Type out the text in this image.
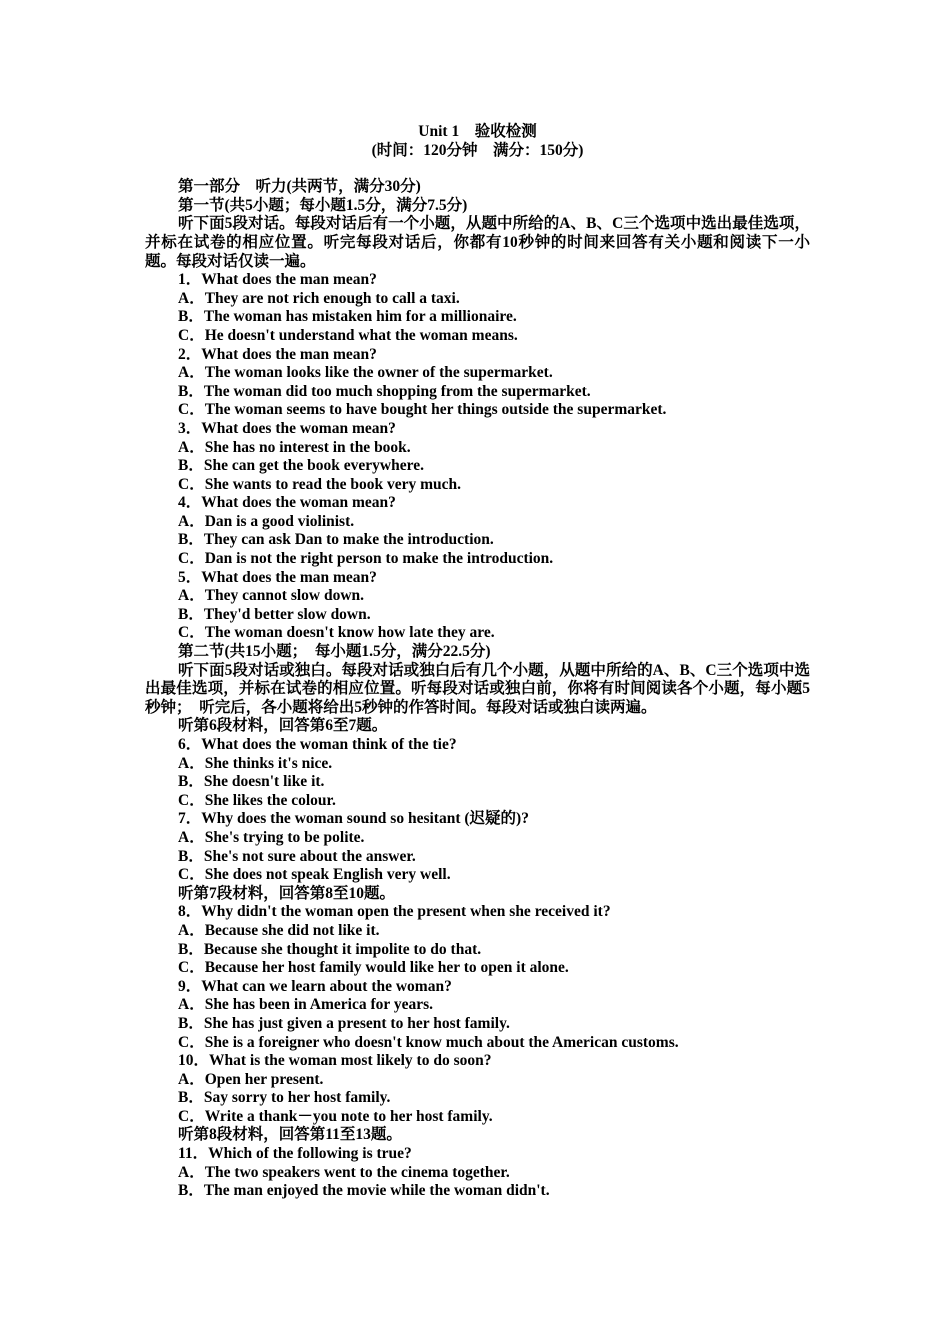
Unit 1　验收检测
(时间：120分钟　满分：150分)
第一部分　听力(共两节，满分30分)
第一节(共5小题；每小题1.5分，满分7.5分)
听下面5段对话。每段对话后有一个小题，从题中所给的A、B、C三个选项中选出最佳选项，并标在试卷的相应位置。听完每段对话后，你都有10秒钟的时间来回答有关小题和阅读下一小题。每段对话仅读一遍。
1．What does the man mean?
A．They are not rich enough to call a taxi.
B．The woman has mistaken him for a millionaire.
C．He doesn't understand what the woman means.
2．What does the man mean?
A．The woman looks like the owner of the supermarket.
B．The woman did too much shopping from the supermarket.
C．The woman seems to have bought her things outside the supermarket.
3．What does the woman mean?
A．She has no interest in the book.
B．She can get the book everywhere.
C．She wants to read the book very much.
4．What does the woman mean?
A．Dan is a good violinist.
B．They can ask Dan to make the introduction.
C．Dan is not the right person to make the introduction.
5．What does the man mean?
A．They cannot slow down.
B．They'd better slow down.
C．The woman doesn't know how late they are.
第二节(共15小题；　每小题1.5分，满分22.5分)
听下面5段对话或独白。每段对话或独白后有几个小题，从题中所给的A、B、C三个选项中选出最佳选项，并标在试卷的相应位置。听每段对话或独白前，你将有时间阅读各个小题，每小题5秒钟；　听完后，各小题将给出5秒钟的作答时间。每段对话或独白读两遍。
听第6段材料，回答第6至7题。
6．What does the woman think of the tie?
A．She thinks it's nice.
B．She doesn't like it.
C．She likes the colour.
7．Why does the woman sound so hesitant (迟疑的)?
A．She's trying to be polite.
B．She's not sure about the answer.
C．She does not speak English very well.
听第7段材料，回答第8至10题。
8．Why didn't the woman open the present when she received it?
A．Because she did not like it.
B．Because she thought it impolite to do that.
C．Because her host family would like her to open it alone.
9．What can we learn about the woman?
A．She has been in America for years.
B．She has just given a present to her host family.
C．She is a foreigner who doesn't know much about the American customs.
10．What is the woman most likely to do soon?
A．Open her present.
B．Say sorry to her host family.
C．Write a thank－you note to her host family.
听第8段材料，回答第11至13题。
11．Which of the following is true?
A．The two speakers went to the cinema together.
B．The man enjoyed the movie while the woman didn't.
